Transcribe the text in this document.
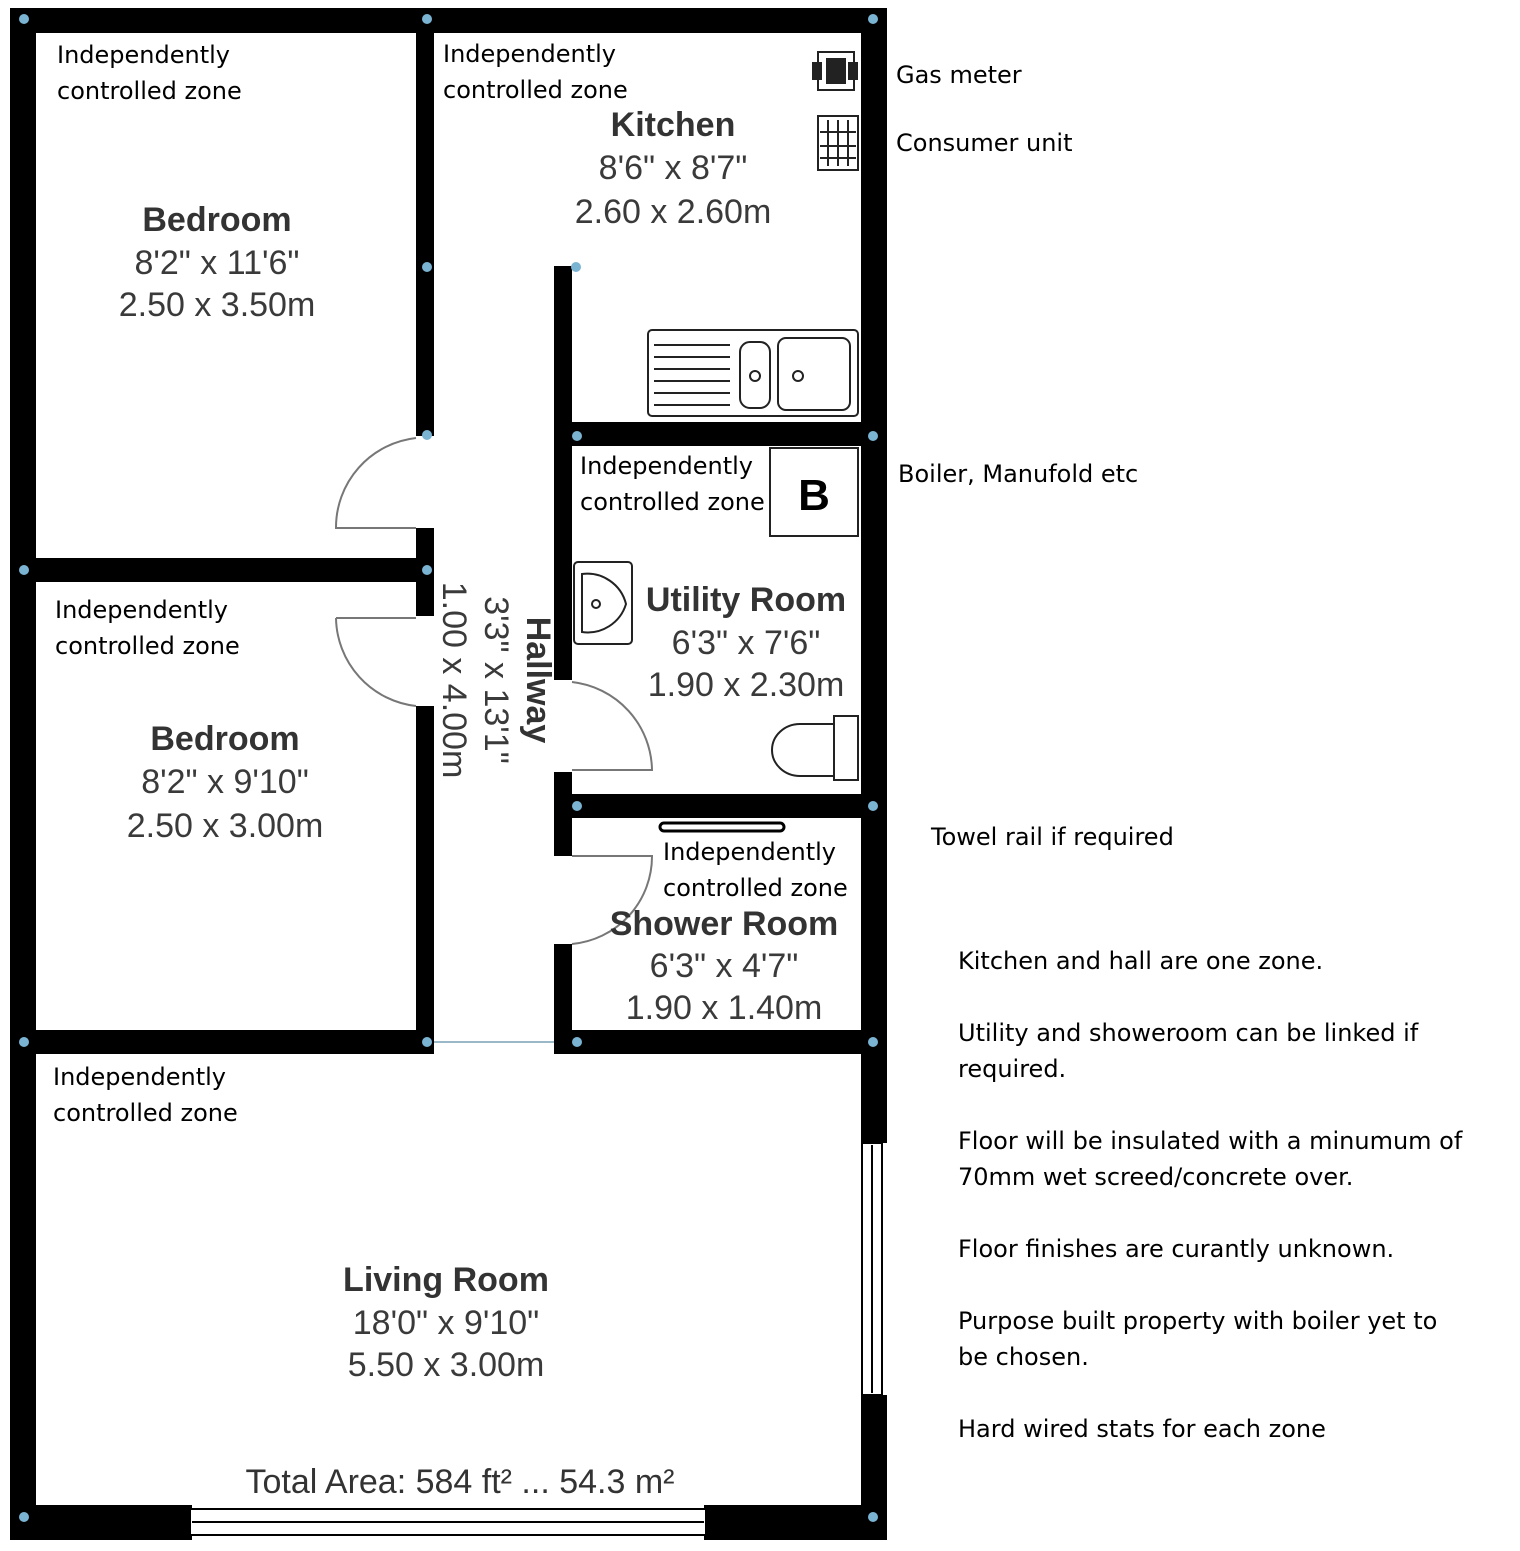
B
Independently
controlled zone
Bedroom
8'2" x 11'6"
2.50 x 3.50m
Independently
controlled zone
Kitchen
8'6" x 8'7"
2.60 x 2.60m
Independently
controlled zone
Bedroom
8'2" x 9'10"
2.50 x 3.00m
Hallway
3'3" x 13'1"
1.00 x 4.00m
Independently
controlled zone
Utility Room
6'3" x 7'6"
1.90 x 2.30m
Independently
controlled zone
Shower Room
6'3" x 4'7"
1.90 x 1.40m
Independently
controlled zone
Living Room
18'0" x 9'10"
5.50 x 3.00m
Total Area: 584 ft² ... 54.3 m²
Gas meter
Consumer unit
Boiler, Manufold etc
Towel rail if required
Kitchen and hall are one zone.
Utility and showeroom can be linked if
required.
Floor will be insulated with a minumum of
70mm wet screed/concrete over.
Floor finishes are curantly unknown.
Purpose built property with boiler yet to
be chosen.
Hard wired stats for each zone
